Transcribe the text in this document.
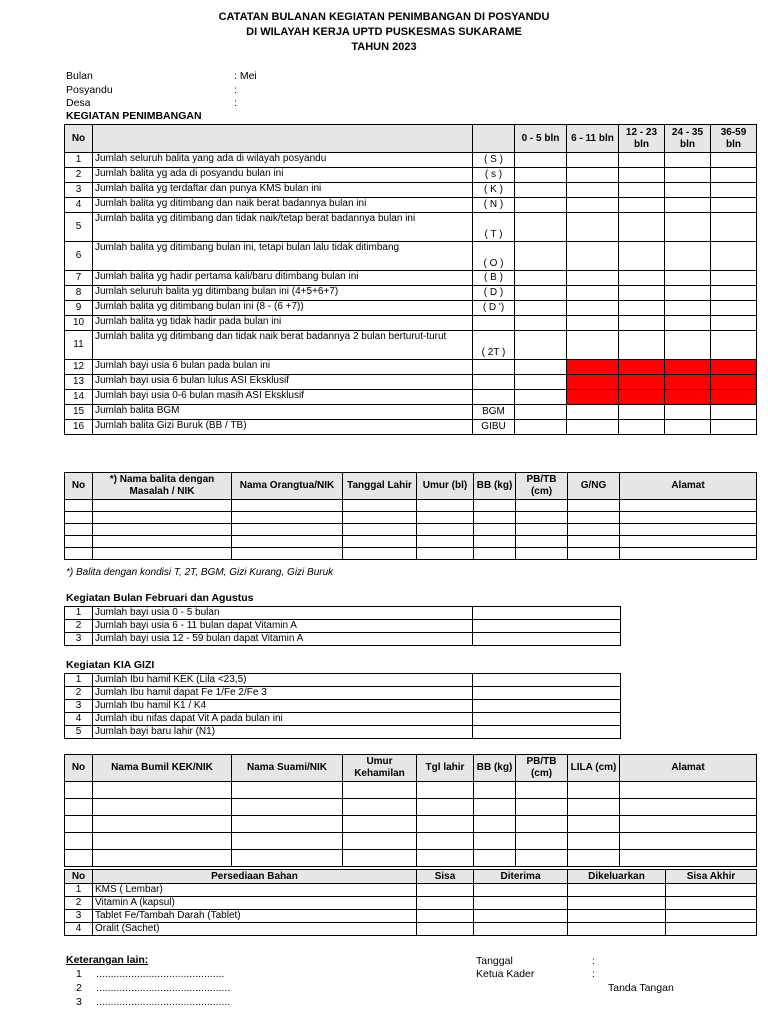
CATATAN BULANAN KEGIATAN PENIMBANGAN DI POSYANDU
DI WILAYAH KERJA UPTD PUSKESMAS SUKARAME
TAHUN 2023
Bulan	: Mei
Posyandu	:
Desa	:
KEGIATAN PENIMBANGAN
No			0 - 5 bln	6 - 11 bln	12 - 23 bln	24 - 35 bln	36-59 bln
1	Jumlah seluruh balita yang ada di wilayah posyandu	( S )					
2	Jumlah balita yg ada di posyandu bulan ini	( s )					
3	Jumlah balita yg terdaftar dan punya KMS bulan ini	( K )					
4	Jumlah balita yg ditimbang dan naik berat badannya bulan ini	( N )					
5	Jumlah balita yg ditimbang dan tidak naik/tetap berat badannya bulan ini	( T )					
6	Jumlah balita yg ditimbang bulan ini, tetapi bulan lalu tidak ditimbang	( O )					
7	Jumlah balita yg hadir pertama kali/baru ditimbang bulan ini	( B )					
8	Jumlah seluruh balita yg ditimbang bulan ini (4+5+6+7)	( D )					
9	Jumlah balita yg ditimbang bulan ini (8 - (6 +7))	( D ')					
10	Jumlah balita yg tidak hadir pada bulan ini						
11	Jumlah balita yg ditimbang dan tidak naik berat badannya 2 bulan berturut-turut	( 2T )					
12	Jumlah bayi usia 6 bulan pada bulan ini						
13	Jumlah bayi usia 6 bulan lulus ASI Eksklusif						
14	Jumlah bayi usia 0-6 bulan masih ASI Eksklusif						
15	Jumlah balita BGM	BGM					
16	Jumlah balita Gizi Buruk (BB / TB)	GIBU					
No	*) Nama balita dengan Masalah / NIK	Nama Orangtua/NIK	Tanggal Lahir	Umur (bl)	BB (kg)	PB/TB (cm)	G/NG	Alamat

*) Balita dengan kondisi T, 2T, BGM, Gizi Kurang, Gizi Buruk
Kegiatan Bulan Februari dan Agustus
1	Jumlah bayi usia 0 - 5 bulan	
2	Jumlah bayi usia 6 - 11 bulan dapat Vitamin A	
3	Jumlah bayi usia 12 - 59 bulan dapat Vitamin A	
Kegiatan KIA GIZI
1	Jumlah Ibu hamil KEK (Lila <23,5)	
2	Jumlah Ibu hamil dapat Fe 1/Fe 2/Fe 3	
3	Jumlah Ibu hamil K1 / K4	
4	Jumlah ibu nifas dapat Vit A pada bulan ini	
5	Jumlah bayi baru lahir (N1)	
No	Nama Bumil KEK/NIK	Nama Suami/NIK	Umur Kehamilan	Tgl lahir	BB (kg)	PB/TB (cm)	LILA (cm)	Alamat

No	Persediaan Bahan	Sisa	Diterima	Dikeluarkan	Sisa Akhir
1	KMS ( Lembar)				
2	Vitamin A (kapsul)				
3	Tablet Fe/Tambah Darah (Tablet)				
4	Oralit (Sachet)				
Keterangan lain:
1 ............................................
2 ..............................................
3 ..............................................
Tanggal	:
Ketua Kader	:
Tanda Tangan
